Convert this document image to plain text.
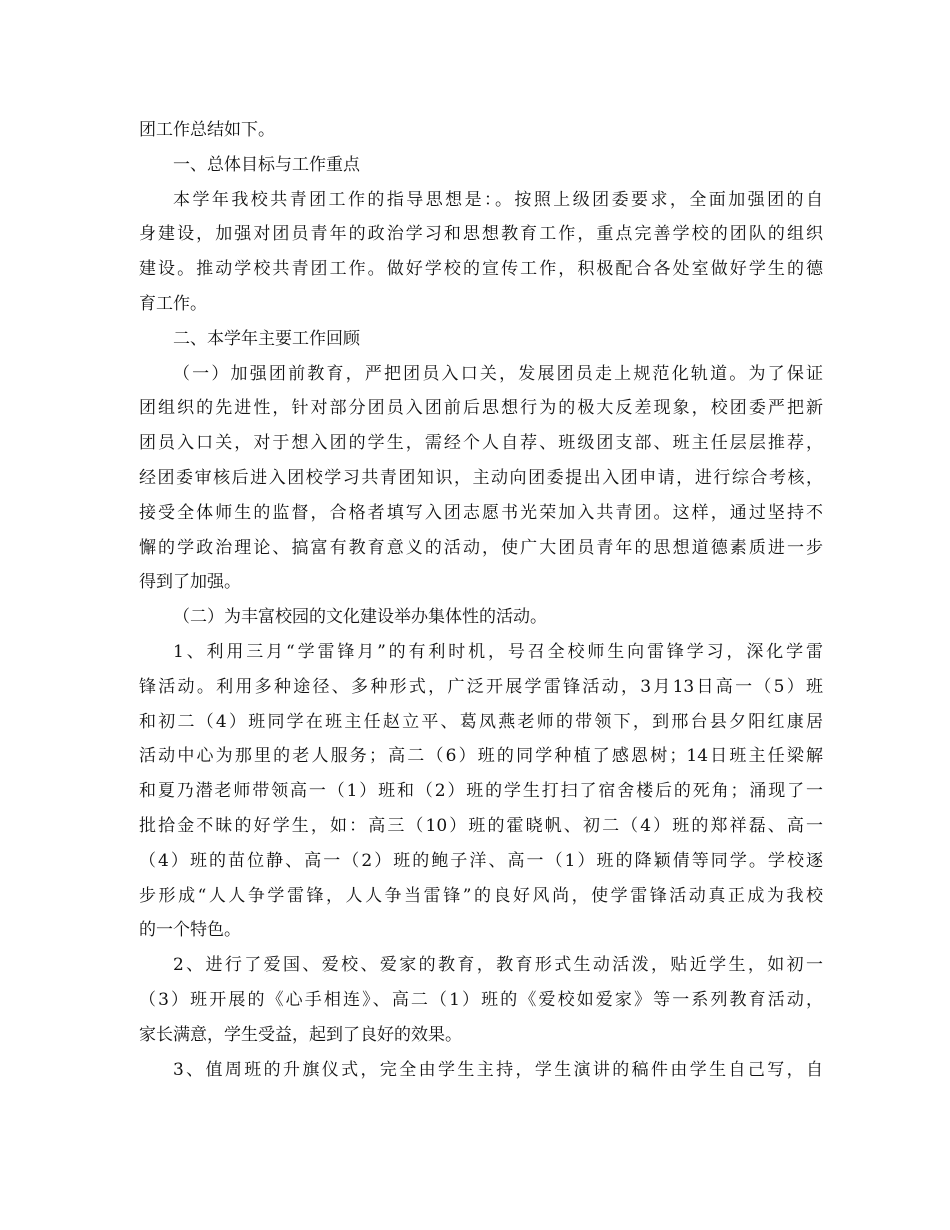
团工作总结如下。
一、总体目标与工作重点
本学年我校共青团工作的指导思想是：。按照上级团委要求，全面加强团的自
身建设，加强对团员青年的政治学习和思想教育工作，重点完善学校的团队的组织
建设。推动学校共青团工作。做好学校的宣传工作，积极配合各处室做好学生的德
育工作。
二、本学年主要工作回顾
（一）加强团前教育，严把团员入口关，发展团员走上规范化轨道。为了保证
团组织的先进性，针对部分团员入团前后思想行为的极大反差现象，校团委严把新
团员入口关，对于想入团的学生，需经个人自荐、班级团支部、班主任层层推荐，
经团委审核后进入团校学习共青团知识，主动向团委提出入团申请，进行综合考核，
接受全体师生的监督，合格者填写入团志愿书光荣加入共青团。这样，通过坚持不
懈的学政治理论、搞富有教育意义的活动，使广大团员青年的思想道德素质进一步
得到了加强。
（二）为丰富校园的文化建设举办集体性的活动。
1、利用三月“学雷锋月”的有利时机，号召全校师生向雷锋学习，深化学雷
锋活动。利用多种途径、多种形式，广泛开展学雷锋活动，3月13日高一（5）班
和初二（4）班同学在班主任赵立平、葛凤燕老师的带领下，到邢台县夕阳红康居
活动中心为那里的老人服务；高二（6）班的同学种植了感恩树；14日班主任梁解
和夏乃潜老师带领高一（1）班和（2）班的学生打扫了宿舍楼后的死角；涌现了一
批拾金不昧的好学生，如：高三（10）班的霍晓帆、初二（4）班的郑祥磊、高一
（4）班的苗位静、高一（2）班的鲍子洋、高一（1）班的降颖倩等同学。学校逐
步形成“人人争学雷锋，人人争当雷锋”的良好风尚，使学雷锋活动真正成为我校
的一个特色。
2、进行了爱国、爱校、爱家的教育，教育形式生动活泼，贴近学生，如初一
（3）班开展的《心手相连》、高二（1）班的《爱校如爱家》等一系列教育活动，
家长满意，学生受益，起到了良好的效果。
3、值周班的升旗仪式，完全由学生主持，学生演讲的稿件由学生自己写，自
